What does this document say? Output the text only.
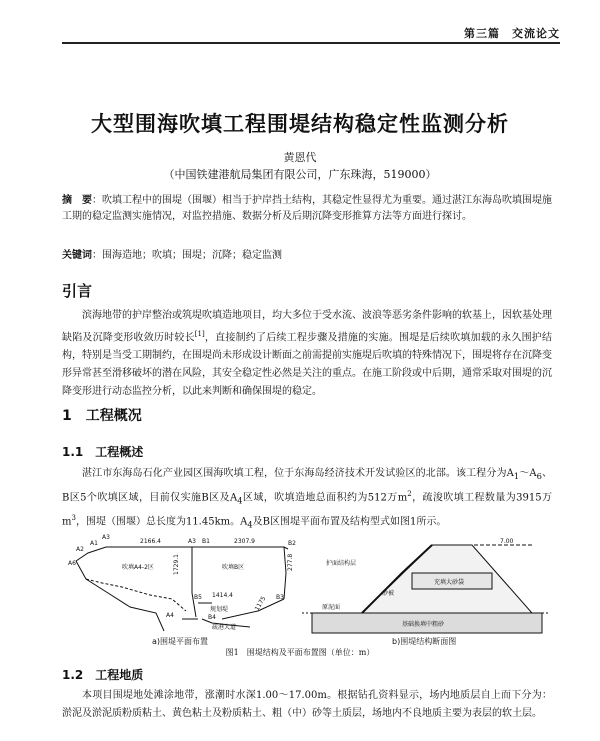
第三篇　交流论文
大型围海吹填工程围堤结构稳定性监测分析
黄恩代
（中国铁建港航局集团有限公司，广东珠海，519000）
摘　要：吹填工程中的围堤（围堰）相当于护岸挡土结构，其稳定性显得尤为重要。通过湛江东海岛吹填围堤施工期的稳定监测实施情况，对监控措施、数据分析及后期沉降变形推算方法等方面进行探讨。
关键词：围海造地；吹填；围堤；沉降；稳定监测
引言
滨海地带的护岸整治或筑堤吹填造地项目，均大多位于受水流、波浪等恶劣条件影响的软基上，因软基处理缺陷及沉降变形收敛历时较长[1]，直接制约了后续工程步骤及措施的实施。围堤是后续吹填加载的永久围护结构，特别是当受工期制约，在围堤尚未形成设计断面之前需提前实施堤后吹填的特殊情况下，围堤将存在沉降变形异常甚至滑移破坏的潜在风险，其安全稳定性必然是关注的重点。在施工阶段或中后期，通常采取对围堤的沉降变形进行动态监控分析，以此来判断和确保围堤的稳定。
1　工程概况
1.1　工程概述
湛江市东海岛石化产业园区围海吹填工程，位于东海岛经济技术开发试验区的北部。该工程分为$A_1\sim A_6$、B区5个吹填区域，目前仅实施B区及$A_4$区域，吹填造地总面积约为512万$m^2$，疏浚吹填工程数量为3915万$m^3$，围堤（围堰）总长度为11.45km。$A_4$及B区围堤平面布置及结构型式如图1所示。
2166.4	A3 B1	2307.9	B2
吹填A4-2区	吹填B区
1729.1
1414.4
B5
B4
B3
1175
277.8
规划堤
疏港大道
A4
A2
A1
A6
A3
a)围堤平面布置
护面结构层
7.00
砂被
充填大砂袋
原泥面
基础换填中粗砂
b)围堤结构断面图
图1　围堤结构及平面布置图（单位：m）
1.2　工程地质
本项目围堤地处滩涂地带，涨潮时水深1.00～17.00m。根据钻孔资料显示，场内地质层自上而下分为：淤泥及淤泥质粉质粘土、黄色粘土及粉质粘土、粗（中）砂等土质层，场地内不良地质主要为表层的软土层。
